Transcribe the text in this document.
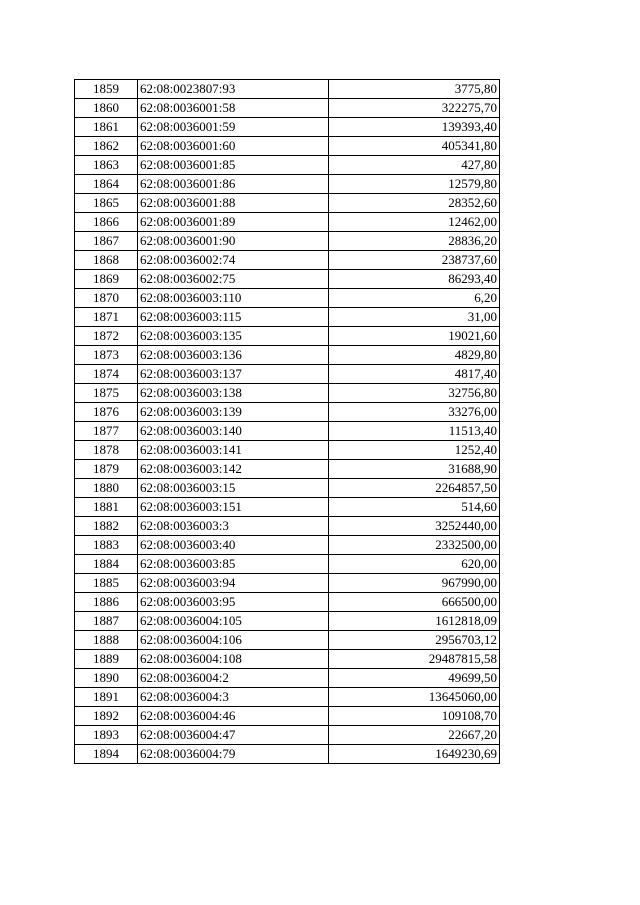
1859	62:08:0023807:93	3775,80
1860	62:08:0036001:58	322275,70
1861	62:08:0036001:59	139393,40
1862	62:08:0036001:60	405341,80
1863	62:08:0036001:85	427,80
1864	62:08:0036001:86	12579,80
1865	62:08:0036001:88	28352,60
1866	62:08:0036001:89	12462,00
1867	62:08:0036001:90	28836,20
1868	62:08:0036002:74	238737,60
1869	62:08:0036002:75	86293,40
1870	62:08:0036003:110	6,20
1871	62:08:0036003:115	31,00
1872	62:08:0036003:135	19021,60
1873	62:08:0036003:136	4829,80
1874	62:08:0036003:137	4817,40
1875	62:08:0036003:138	32756,80
1876	62:08:0036003:139	33276,00
1877	62:08:0036003:140	11513,40
1878	62:08:0036003:141	1252,40
1879	62:08:0036003:142	31688,90
1880	62:08:0036003:15	2264857,50
1881	62:08:0036003:151	514,60
1882	62:08:0036003:3	3252440,00
1883	62:08:0036003:40	2332500,00
1884	62:08:0036003:85	620,00
1885	62:08:0036003:94	967990,00
1886	62:08:0036003:95	666500,00
1887	62:08:0036004:105	1612818,09
1888	62:08:0036004:106	2956703,12
1889	62:08:0036004:108	29487815,58
1890	62:08:0036004:2	49699,50
1891	62:08:0036004:3	13645060,00
1892	62:08:0036004:46	109108,70
1893	62:08:0036004:47	22667,20
1894	62:08:0036004:79	1649230,69
